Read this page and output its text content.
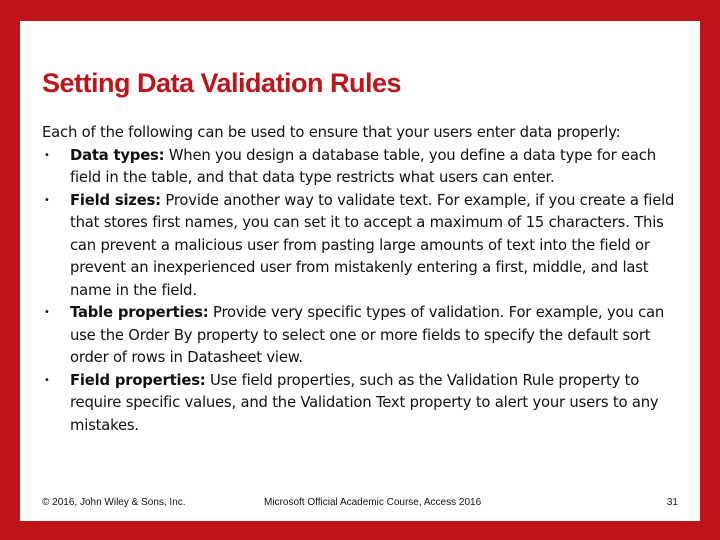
Setting Data Validation Rules

Each of the following can be used to ensure that your users enter data properly:

• Data types: When you design a database table, you define a data type for each field in the table, and that data type restricts what users can enter.
• Field sizes: Provide another way to validate text. For example, if you create a field that stores first names, you can set it to accept a maximum of 15 characters. This can prevent a malicious user from pasting large amounts of text into the field or prevent an inexperienced user from mistakenly entering a first, middle, and last name in the field.
• Table properties: Provide very specific types of validation. For example, you can use the Order By property to select one or more fields to specify the default sort order of rows in Datasheet view.
• Field properties: Use field properties, such as the Validation Rule property to require specific values, and the Validation Text property to alert your users to any mistakes.
© 2016, John Wiley & Sons, Inc.	Microsoft Official Academic Course, Access 2016	31
